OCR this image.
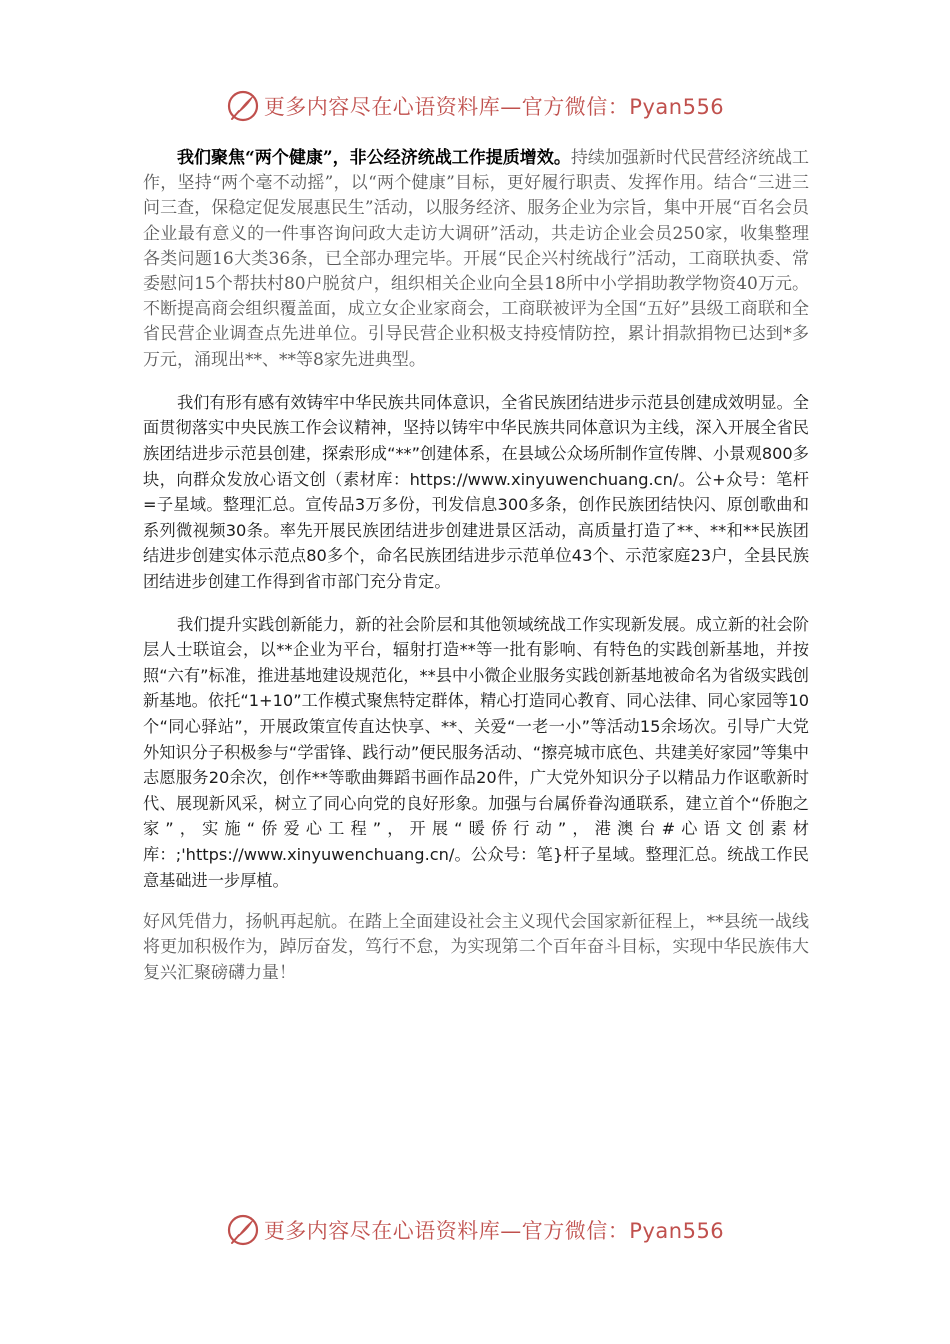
更多内容尽在心语资料库—官方微信：Pyan556

我们聚焦“两个健康”，非公经济统战工作提质增效。持续加强新时代民营经济统战工作，坚持“两个毫不动摇”，以“两个健康”目标，更好履行职责、发挥作用。结合“三进三问三查，保稳定促发展惠民生”活动，以服务经济、服务企业为宗旨，集中开展“百名会员企业最有意义的一件事咨询问政大走访大调研”活动，共走访企业会员250家，收集整理各类问题16大类36条，已全部办理完毕。开展“民企兴村统战行”活动，工商联执委、常委慰问15个帮扶村80户脱贫户，组织相关企业向全县18所中小学捐助教学物资40万元。不断提高商会组织覆盖面，成立女企业家商会，工商联被评为全国“五好”县级工商联和全省民营企业调查点先进单位。引导民营企业积极支持疫情防控，累计捐款捐物已达到*多万元，涌现出**、**等8家先进典型。

我们有形有感有效铸牢中华民族共同体意识，全省民族团结进步示范县创建成效明显。全面贯彻落实中央民族工作会议精神，坚持以铸牢中华民族共同体意识为主线，深入开展全省民族团结进步示范县创建，探索形成“**”创建体系，在县域公众场所制作宣传牌、小景观800多块，向群众发放心语文创（素材库：https://www.xinyuwenchuang.cn/。公+众号：笔杆=子星域。整理汇总。宣传品3万多份，刊发信息300多条，创作民族团结快闪、原创歌曲和系列微视频30条。率先开展民族团结进步创建进景区活动，高质量打造了**、**和**民族团结进步创建实体示范点80多个，命名民族团结进步示范单位43个、示范家庭23户，全县民族团结进步创建工作得到省市部门充分肯定。

我们提升实践创新能力，新的社会阶层和其他领域统战工作实现新发展。成立新的社会阶层人士联谊会，以**企业为平台，辐射打造**等一批有影响、有特色的实践创新基地，并按照“六有”标准，推进基地建设规范化，**县中小微企业服务实践创新基地被命名为省级实践创新基地。依托“1+10”工作模式聚焦特定群体，精心打造同心教育、同心法律、同心家园等10个“同心驿站”，开展政策宣传直达快享、**、关爱“一老一小”等活动15余场次。引导广大党外知识分子积极参与“学雷锋、践行动”便民服务活动、“擦亮城市底色、共建美好家园”等集中志愿服务20余次，创作**等歌曲舞蹈书画作品20件，广大党外知识分子以精品力作讴歌新时代、展现新风采，树立了同心向党的良好形象。加强与台属侨眷沟通联系，建立首个“侨胞之家”，实施“侨爱心工程”，开展“暖侨行动”，港澳台#心语文创素材库：;'https://www.xinyuwenchuang.cn/。公众号：笔}杆子星域。整理汇总。统战工作民意基础进一步厚植。

好风凭借力，扬帆再起航。在踏上全面建设社会主义现代会国家新征程上，**县统一战线将更加积极作为，踔厉奋发，笃行不怠，为实现第二个百年奋斗目标，实现中华民族伟大复兴汇聚磅礴力量！

更多内容尽在心语资料库—官方微信：Pyan556
